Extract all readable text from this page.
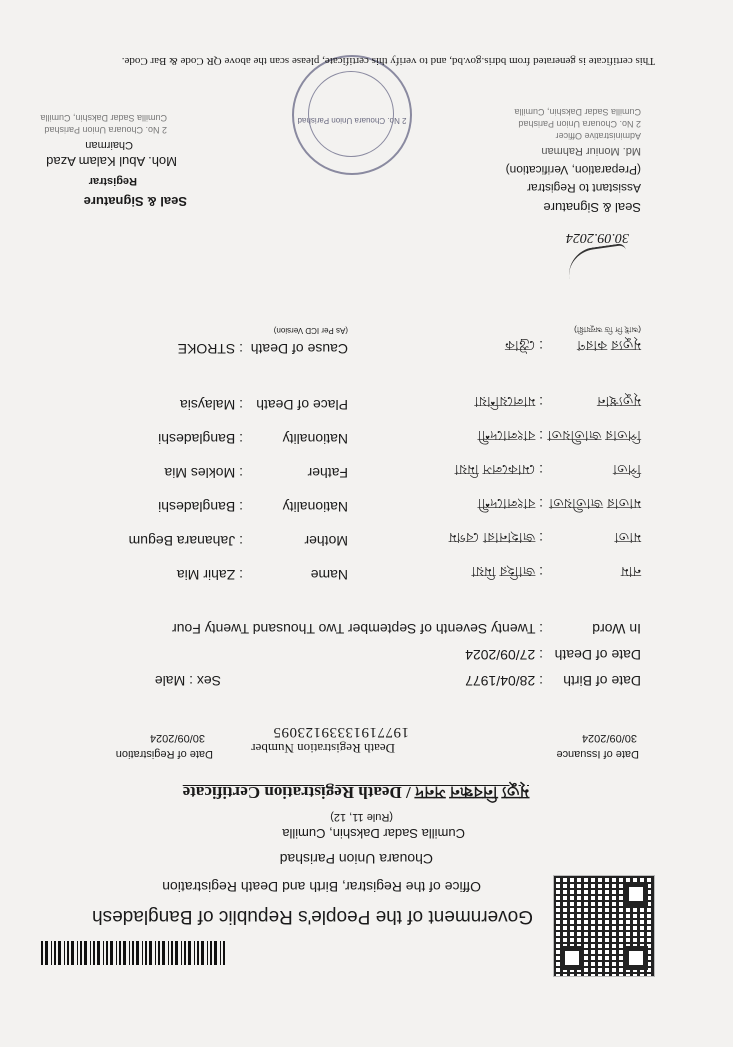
Government of the People's Republic of Bangladesh
Office of the Registrar, Birth and Death Registration
Chouara Union Parishad
Cumilla Sadar Dakshin, Cumilla
(Rule 11, 12)
মৃত্যু নিবন্ধন সনদ / Death Registration Certificate
Date of Registration
30/09/2024
Death Registration Number
19771913339123095
Date of Issuance
30/09/2024
Date of Birth
: 28/04/1977
Sex : Male
Date of Death
: 27/09/2024
In Word
: Twenty Seventh of September Two Thousand Twenty Four
নাম
: জাহির মিয়া
Name
: Zahir Mia
মাতা
: জাহানারা বেগম
Mother
: Jahanara Begum
মাতার জাতীয়তা
: বাংলাদেশী
Nationality
: Bangladeshi
পিতা
: মোকলেস মিয়া
Father
: Mokles Mia
পিতার জাতীয়তা
: বাংলাদেশী
Nationality
: Bangladeshi
মৃত্যুস্থান
: মালয়েশিয়া
Place of Death
: Malaysia
মৃত্যুর কারণ
: স্ট্রোক
Cause of Death
: STROKE
(আই সি ডি অনুযায়ী)
(As Per ICD Version)
30.09.2024
Seal & Signature
Assistant to Registrar
(Preparation, Verification)
Md. Moniur Rahman
Administrative Officer
2 No. Chouara Union Parishad
Cumilla Sadar Dakshin, Cumilla
2 No. Chouara Union Parishad
Seal & Signature
Registrar
Moh. Abul Kalam Azad
Chairman
2 No. Chouara Union Parishad
Cumilla Sadar Dakshin, Cumilla
This certificate is generated from bdris.gov.bd, and to verify this certificate, please scan the above QR Code & Bar Code.
